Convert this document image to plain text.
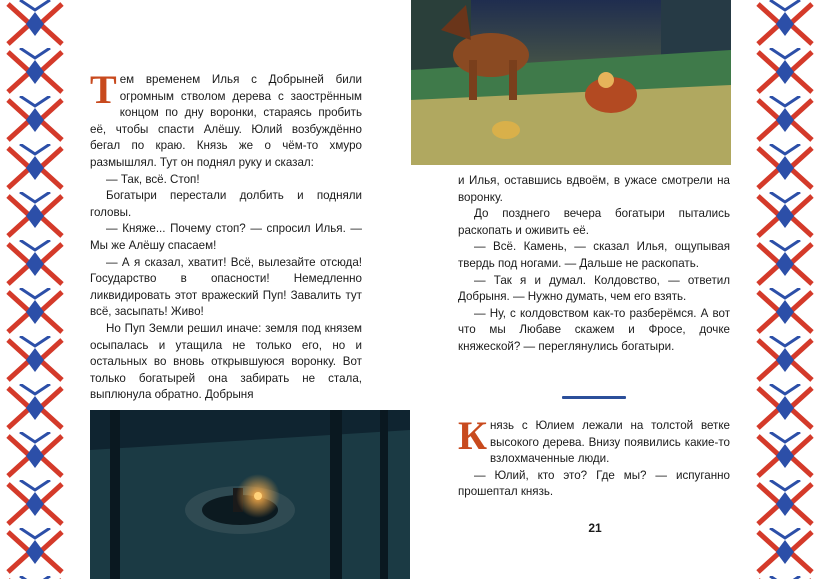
Тем временем Илья с Добрыней били огромным стволом дерева с заострённым концом по дну воронки, стараясь пробить её, чтобы спасти Алёшу. Юлий возбуждённо бегал по краю. Князь же о чём-то хмуро размышлял. Тут он поднял руку и сказал:

— Так, всё. Стоп!

Богатыри перестали долбить и подняли головы.

— Княже... Почему стоп? — спросил Илья. — Мы же Алёшу спасаем!

— А я сказал, хватит! Всё, вылезайте отсюда! Государство в опасности! Немедленно ликвидировать этот вражеский Пуп! Завалить тут всё, засыпать! Живо!

Но Пуп Земли решил иначе: земля под князем осыпалась и утащила не только его, но и остальных во вновь открывшуюся воронку. Вот только богатырей она забирать не стала, выплюнула обратно. Добрыня

и Илья, оставшись вдвоём, в ужасе смотрели на воронку.

До позднего вечера богатыри пытались раскопать и оживить её.

— Всё. Камень, — сказал Илья, ощупывая твердь под ногами. — Дальше не раскопать.

— Так я и думал. Колдовство, — ответил Добрыня. — Нужно думать, чем его взять.

— Ну, с колдовством как-то разберёмся. А вот что мы Любаве скажем и Фросе, дочке княжеской? — переглянулись богатыри.

Князь с Юлием лежали на толстой ветке высокого дерева. Внизу появились какие-то взлохмаченные люди.

— Юлий, кто это? Где мы? — испуганно прошептал князь.

21
